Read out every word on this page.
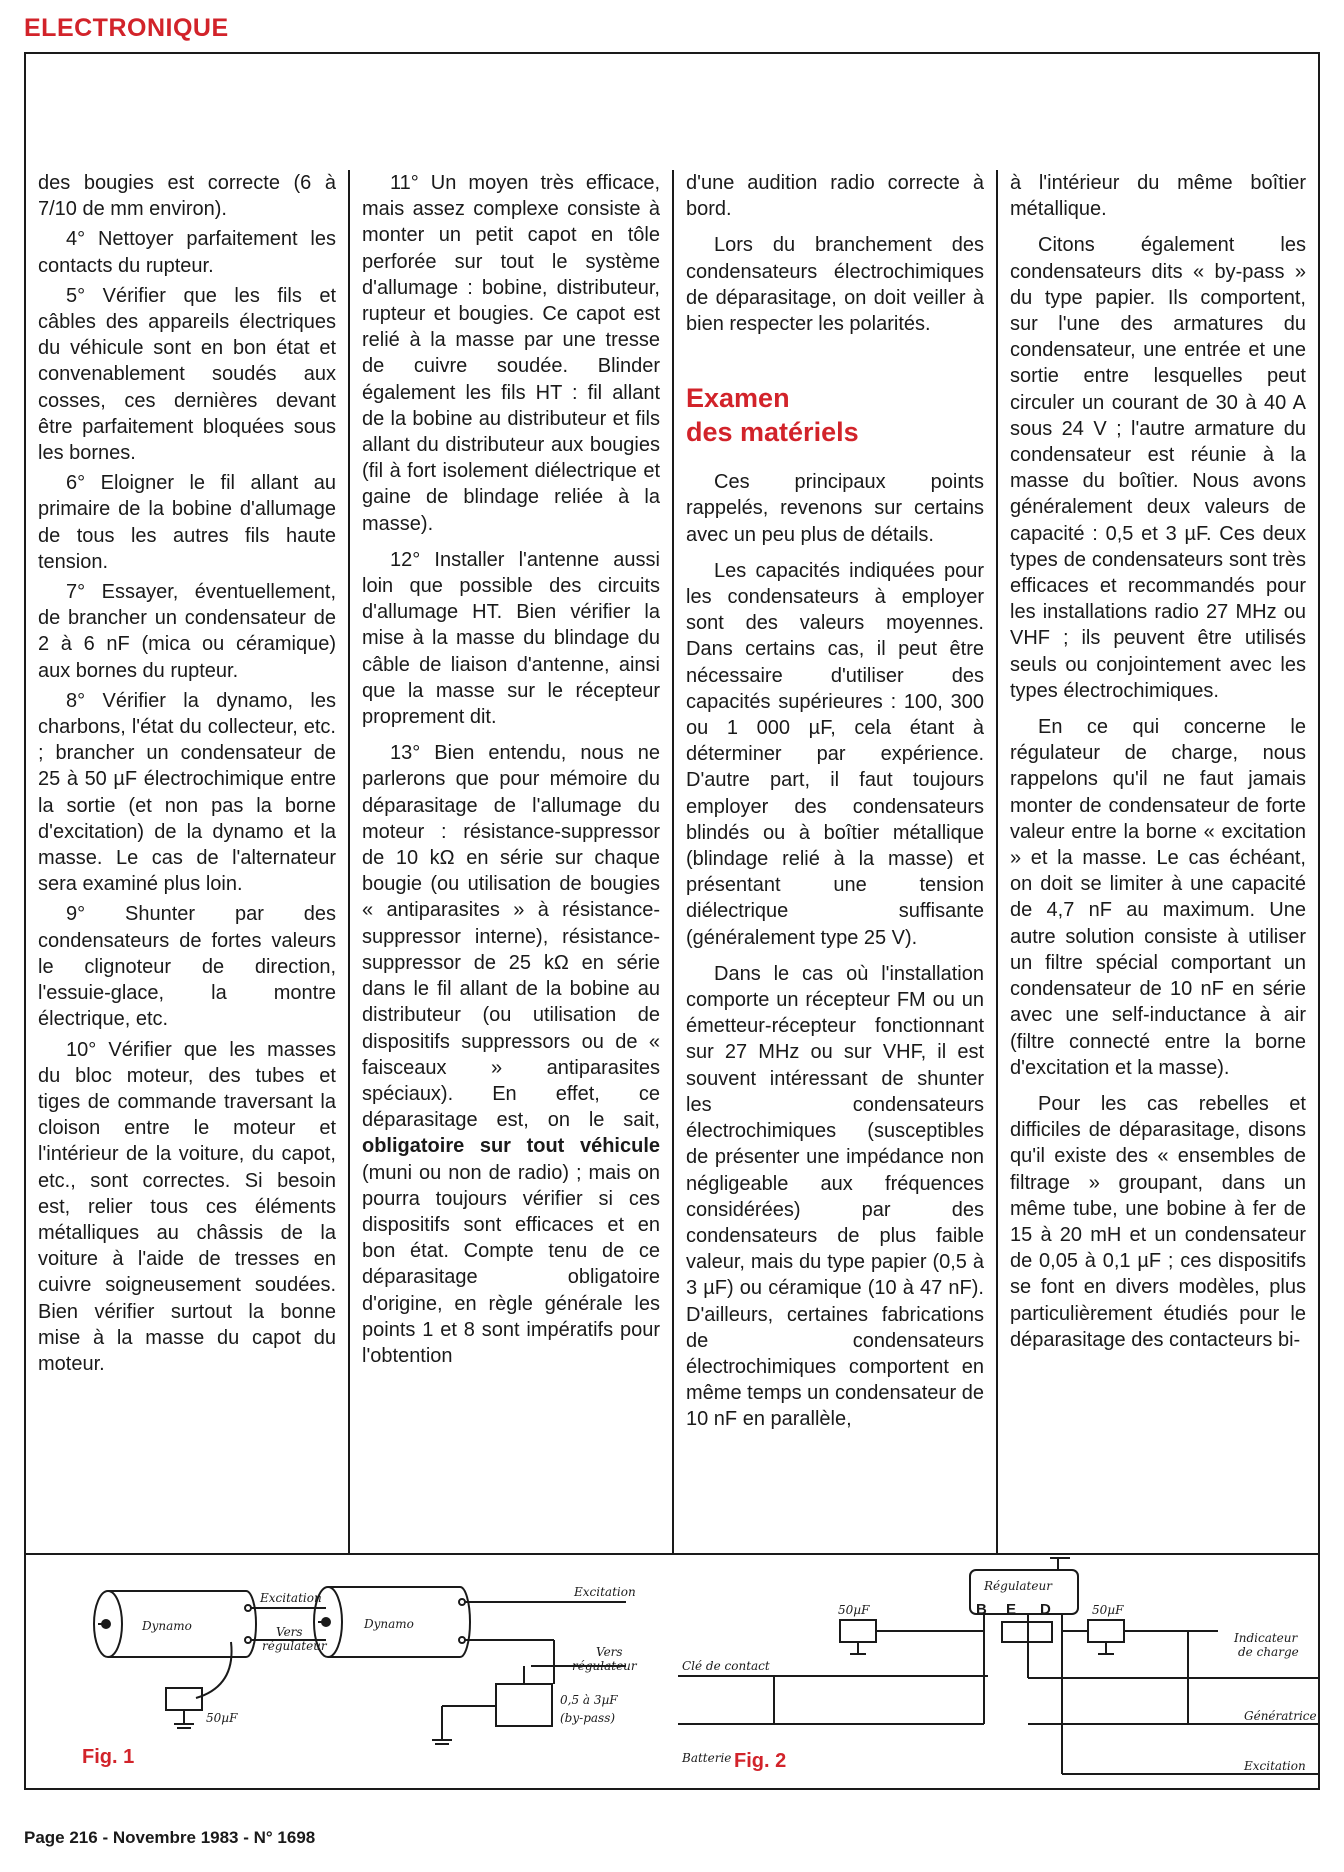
ELECTRONIQUE

des bougies est correcte (6 à 7/10 de mm environ).

4° Nettoyer parfaitement les contacts du rupteur.

5° Vérifier que les fils et câbles des appareils électriques du véhicule sont en bon état et convenablement soudés aux cosses, ces dernières devant être parfaitement bloquées sous les bornes.

6° Eloigner le fil allant au primaire de la bobine d'allumage de tous les autres fils haute tension.

7° Essayer, éventuellement, de brancher un condensateur de 2 à 6 nF (mica ou céramique) aux bornes du rupteur.

8° Vérifier la dynamo, les charbons, l'état du collecteur, etc. ; brancher un condensateur de 25 à 50 µF électrochimique entre la sortie (et non pas la borne d'excitation) de la dynamo et la masse. Le cas de l'alternateur sera examiné plus loin.

9° Shunter par des condensateurs de fortes valeurs le clignoteur de direction, l'essuie-glace, la montre électrique, etc.

10° Vérifier que les masses du bloc moteur, des tubes et tiges de commande traversant la cloison entre le moteur et l'intérieur de la voiture, du capot, etc., sont correctes. Si besoin est, relier tous ces éléments métalliques au châssis de la voiture à l'aide de tresses en cuivre soigneusement soudées. Bien vérifier surtout la bonne mise à la masse du capot du moteur.

11° Un moyen très efficace, mais assez complexe consiste à monter un petit capot en tôle perforée sur tout le système d'allumage : bobine, distributeur, rupteur et bougies. Ce capot est relié à la masse par une tresse de cuivre soudée. Blinder également les fils HT : fil allant de la bobine au distributeur et fils allant du distributeur aux bougies (fil à fort isolement diélectrique et gaine de blindage reliée à la masse).

12° Installer l'antenne aussi loin que possible des circuits d'allumage HT. Bien vérifier la mise à la masse du blindage du câble de liaison d'antenne, ainsi que la masse sur le récepteur proprement dit.

13° Bien entendu, nous ne parlerons que pour mémoire du déparasitage de l'allumage du moteur : résistance-suppressor de 10 kΩ en série sur chaque bougie (ou utilisation de bougies « antiparasites » à résistance-suppressor interne), résistance-suppressor de 25 kΩ en série dans le fil allant de la bobine au distributeur (ou utilisation de dispositifs suppressors ou de « faisceaux » antiparasites spéciaux). En effet, ce déparasitage est, on le sait, obligatoire sur tout véhicule (muni ou non de radio) ; mais on pourra toujours vérifier si ces dispositifs sont efficaces et en bon état. Compte tenu de ce déparasitage obligatoire d'origine, en règle générale les points 1 et 8 sont impératifs pour l'obtention

d'une audition radio correcte à bord.

Lors du branchement des condensateurs électrochimiques de déparasitage, on doit veiller à bien respecter les polarités.

Examen
des matériels

Ces principaux points rappelés, revenons sur certains avec un peu plus de détails.

Les capacités indiquées pour les condensateurs à employer sont des valeurs moyennes. Dans certains cas, il peut être nécessaire d'utiliser des capacités supérieures : 100, 300 ou 1 000 µF, cela étant à déterminer par expérience. D'autre part, il faut toujours employer des condensateurs blindés ou à boîtier métallique (blindage relié à la masse) et présentant une tension diélectrique suffisante (généralement type 25 V).

Dans le cas où l'installation comporte un récepteur FM ou un émetteur-récepteur fonctionnant sur 27 MHz ou sur VHF, il est souvent intéressant de shunter les condensateurs électrochimiques (susceptibles de présenter une impédance non négligeable aux fréquences considérées) par des condensateurs de plus faible valeur, mais du type papier (0,5 à 3 µF) ou céramique (10 à 47 nF). D'ailleurs, certaines fabrications de condensateurs électrochimiques comportent en même temps un condensateur de 10 nF en parallèle,

à l'intérieur du même boîtier métallique.

Citons également les condensateurs dits « by-pass » du type papier. Ils comportent, sur l'une des armatures du condensateur, une entrée et une sortie entre lesquelles peut circuler un courant de 30 à 40 A sous 24 V ; l'autre armature du condensateur est réunie à la masse du boîtier. Nous avons généralement deux valeurs de capacité : 0,5 et 3 µF. Ces deux types de condensateurs sont très efficaces et recommandés pour les installations radio 27 MHz ou VHF ; ils peuvent être utilisés seuls ou conjointement avec les types électrochimiques.

En ce qui concerne le régulateur de charge, nous rappelons qu'il ne faut jamais monter de condensateur de forte valeur entre la borne « excitation » et la masse. Le cas échéant, on doit se limiter à une capacité de 4,7 nF au maximum. Une autre solution consiste à utiliser un filtre spécial comportant un condensateur de 10 nF en série avec une self-inductance à air (filtre connecté entre la borne d'excitation et la masse).

Pour les cas rebelles et difficiles de déparasitage, disons qu'il existe des « ensembles de filtrage » groupant, dans un même tube, une bobine à fer de 15 à 20 mH et un condensateur de 0,05 à 0,1 µF ; ces dispositifs se font en divers modèles, plus particulièrement étudiés pour le déparasitage des contacteurs bi-

Dynamo
Excitation
Vers
régulateur
50µF
Dynamo
Excitation
Vers
régulateur
0,5 à 3µF
(by-pass)
Fig. 1
Régulateur
B E D
50µF	50µF
Clé de contact
Batterie
Indicateur
de charge
Génératrice
Excitation
Fig. 2
Page 216 - Novembre 1983 - N° 1698
